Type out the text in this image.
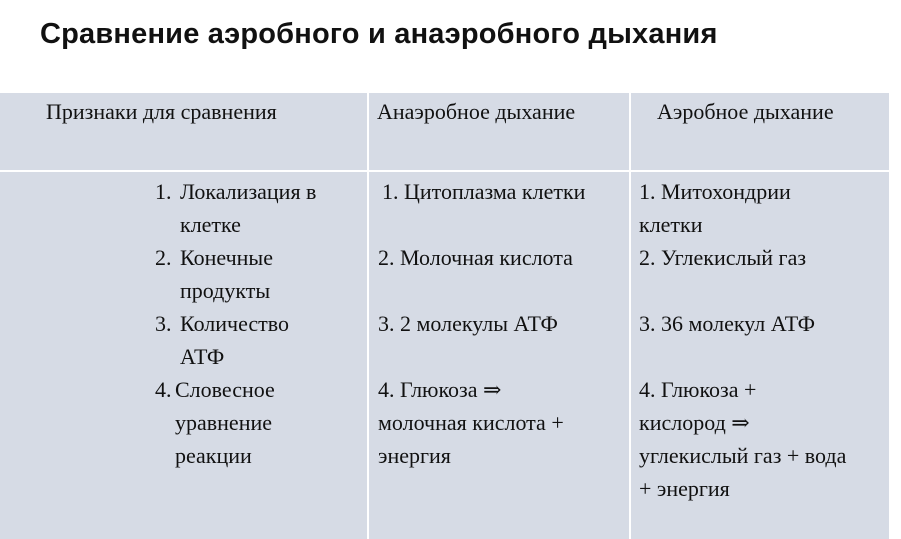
Сравнение аэробного и анаэробного дыхания
Признаки для сравнения	Анаэробное дыхание	Аэробное дыхание
1. Локализация в
клетке
2. Конечные
продукты
3. Количество
АТФ
4. Словесное
уравнение
реакции
1. Цитоплазма клетки
2. Молочная кислота
3. 2 молекулы АТФ
4. Глюкоза ⇒
молочная кислота +
энергия
1. Митохондрии
клетки
2. Углекислый газ
3. 36 молекул АТФ
4. Глюкоза +
кислород ⇒
углекислый газ + вода
+ энергия
